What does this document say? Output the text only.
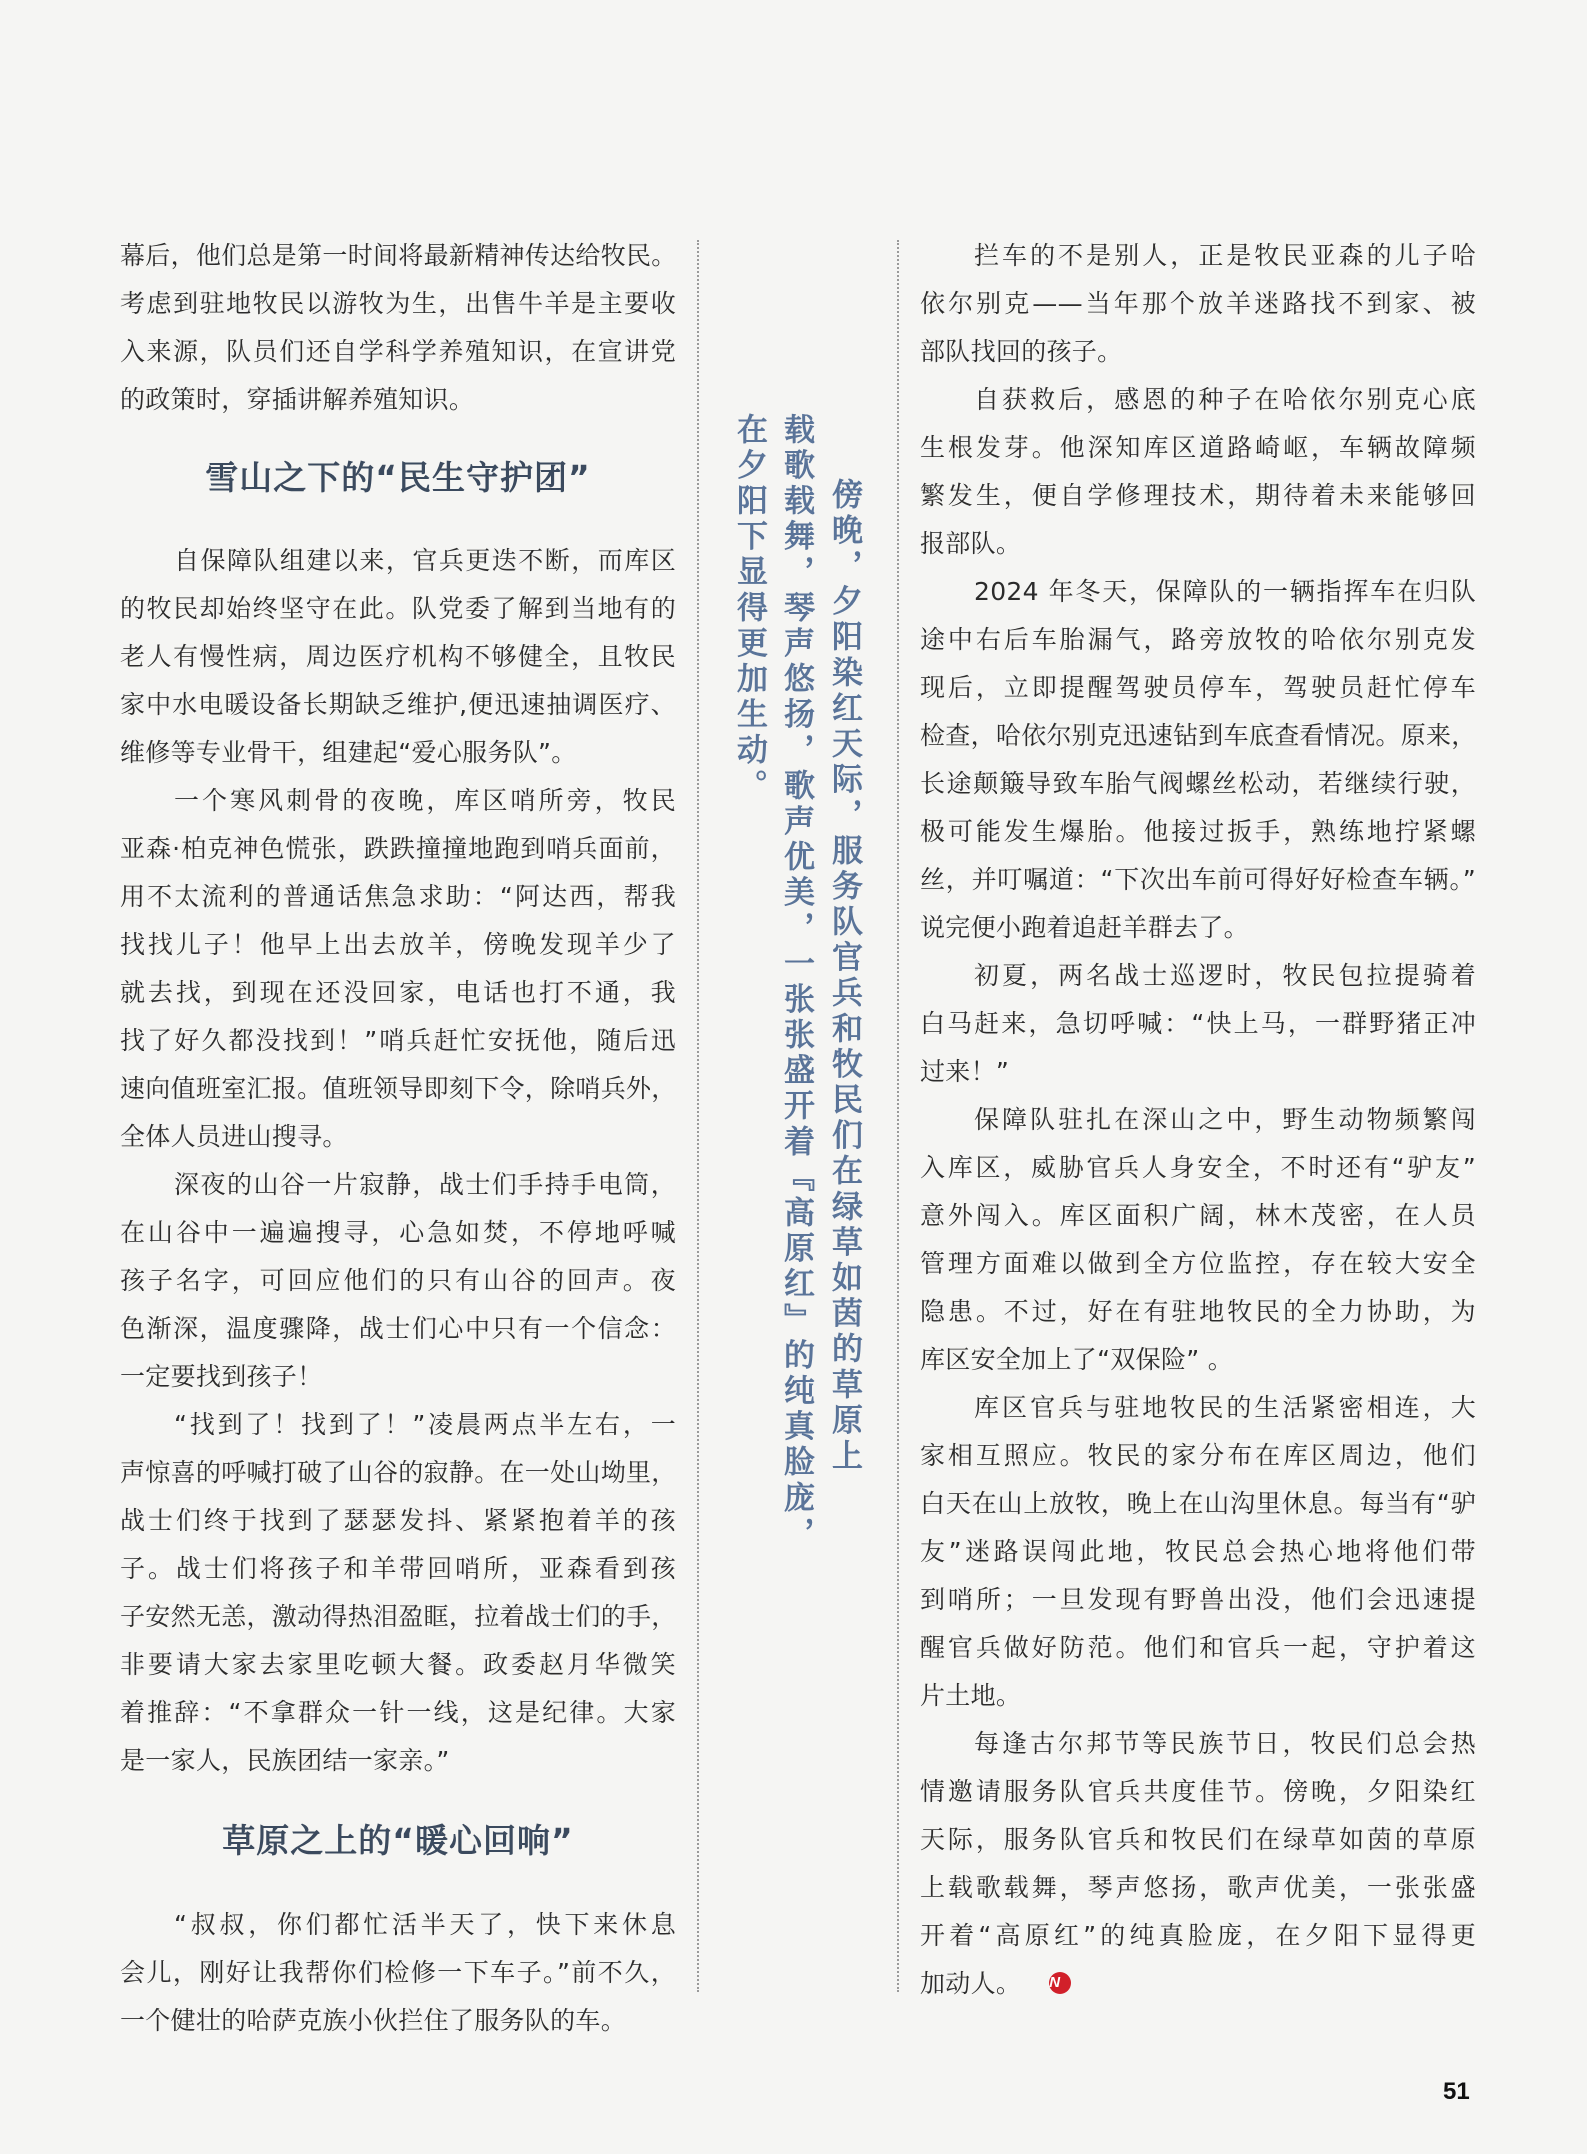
幕后，他们总是第一时间将最新精神传达给牧民。
考虑到驻地牧民以游牧为生，出售牛羊是主要收
入来源，队员们还自学科学养殖知识，在宣讲党
的政策时，穿插讲解养殖知识。
雪山之下的“民生守护团”
自保障队组建以来，官兵更迭不断，而库区
的牧民却始终坚守在此。队党委了解到当地有的
老人有慢性病，周边医疗机构不够健全，且牧民
家中水电暖设备长期缺乏维护,便迅速抽调医疗、
维修等专业骨干，组建起“爱心服务队”。
一个寒风刺骨的夜晚，库区哨所旁，牧民
亚森·柏克神色慌张，跌跌撞撞地跑到哨兵面前，
用不太流利的普通话焦急求助：“阿达西，帮我
找找儿子！他早上出去放羊，傍晚发现羊少了
就去找，到现在还没回家，电话也打不通，我
找了好久都没找到！”哨兵赶忙安抚他，随后迅
速向值班室汇报。值班领导即刻下令，除哨兵外，
全体人员进山搜寻。
深夜的山谷一片寂静，战士们手持手电筒，
在山谷中一遍遍搜寻，心急如焚，不停地呼喊
孩子名字，可回应他们的只有山谷的回声。夜
色渐深，温度骤降，战士们心中只有一个信念：
一定要找到孩子！
“找到了！找到了！”凌晨两点半左右，一
声惊喜的呼喊打破了山谷的寂静。在一处山坳里，
战士们终于找到了瑟瑟发抖、紧紧抱着羊的孩
子。战士们将孩子和羊带回哨所，亚森看到孩
子安然无恙，激动得热泪盈眶，拉着战士们的手，
非要请大家去家里吃顿大餐。政委赵月华微笑
着推辞：“不拿群众一针一线，这是纪律。大家
是一家人，民族团结一家亲。”
草原之上的“暖心回响”
“叔叔，你们都忙活半天了，快下来休息
会儿，刚好让我帮你们检修一下车子。”前不久，
一个健壮的哈萨克族小伙拦住了服务队的车。
傍晚，夕阳染红天际，服务队官兵和牧民们在绿草如茵的草原上
载歌载舞，琴声悠扬，歌声优美，一张张盛开着『高原红』的纯真脸庞，
在夕阳下显得更加生动。
拦车的不是别人，正是牧民亚森的儿子哈
依尔别克——当年那个放羊迷路找不到家、被
部队找回的孩子。
自获救后，感恩的种子在哈依尔别克心底
生根发芽。他深知库区道路崎岖，车辆故障频
繁发生，便自学修理技术，期待着未来能够回
报部队。
2024 年冬天，保障队的一辆指挥车在归队
途中右后车胎漏气，路旁放牧的哈依尔别克发
现后，立即提醒驾驶员停车，驾驶员赶忙停车
检查，哈依尔别克迅速钻到车底查看情况。原来，
长途颠簸导致车胎气阀螺丝松动，若继续行驶，
极可能发生爆胎。他接过扳手，熟练地拧紧螺
丝，并叮嘱道：“下次出车前可得好好检查车辆。”
说完便小跑着追赶羊群去了。
初夏，两名战士巡逻时，牧民包拉提骑着
白马赶来，急切呼喊：“快上马，一群野猪正冲
过来！”
保障队驻扎在深山之中，野生动物频繁闯
入库区，威胁官兵人身安全，不时还有“驴友”
意外闯入。库区面积广阔，林木茂密，在人员
管理方面难以做到全方位监控，存在较大安全
隐患。不过，好在有驻地牧民的全力协助，为
库区安全加上了“双保险” 。
库区官兵与驻地牧民的生活紧密相连，大
家相互照应。牧民的家分布在库区周边，他们
白天在山上放牧，晚上在山沟里休息。每当有“驴
友”迷路误闯此地，牧民总会热心地将他们带
到哨所；一旦发现有野兽出没，他们会迅速提
醒官兵做好防范。他们和官兵一起，守护着这
片土地。
每逢古尔邦节等民族节日，牧民们总会热
情邀请服务队官兵共度佳节。傍晚，夕阳染红
天际，服务队官兵和牧民们在绿草如茵的草原
上载歌载舞，琴声悠扬，歌声优美，一张张盛
开着“高原红”的纯真脸庞，在夕阳下显得更
加动人。 N
51
